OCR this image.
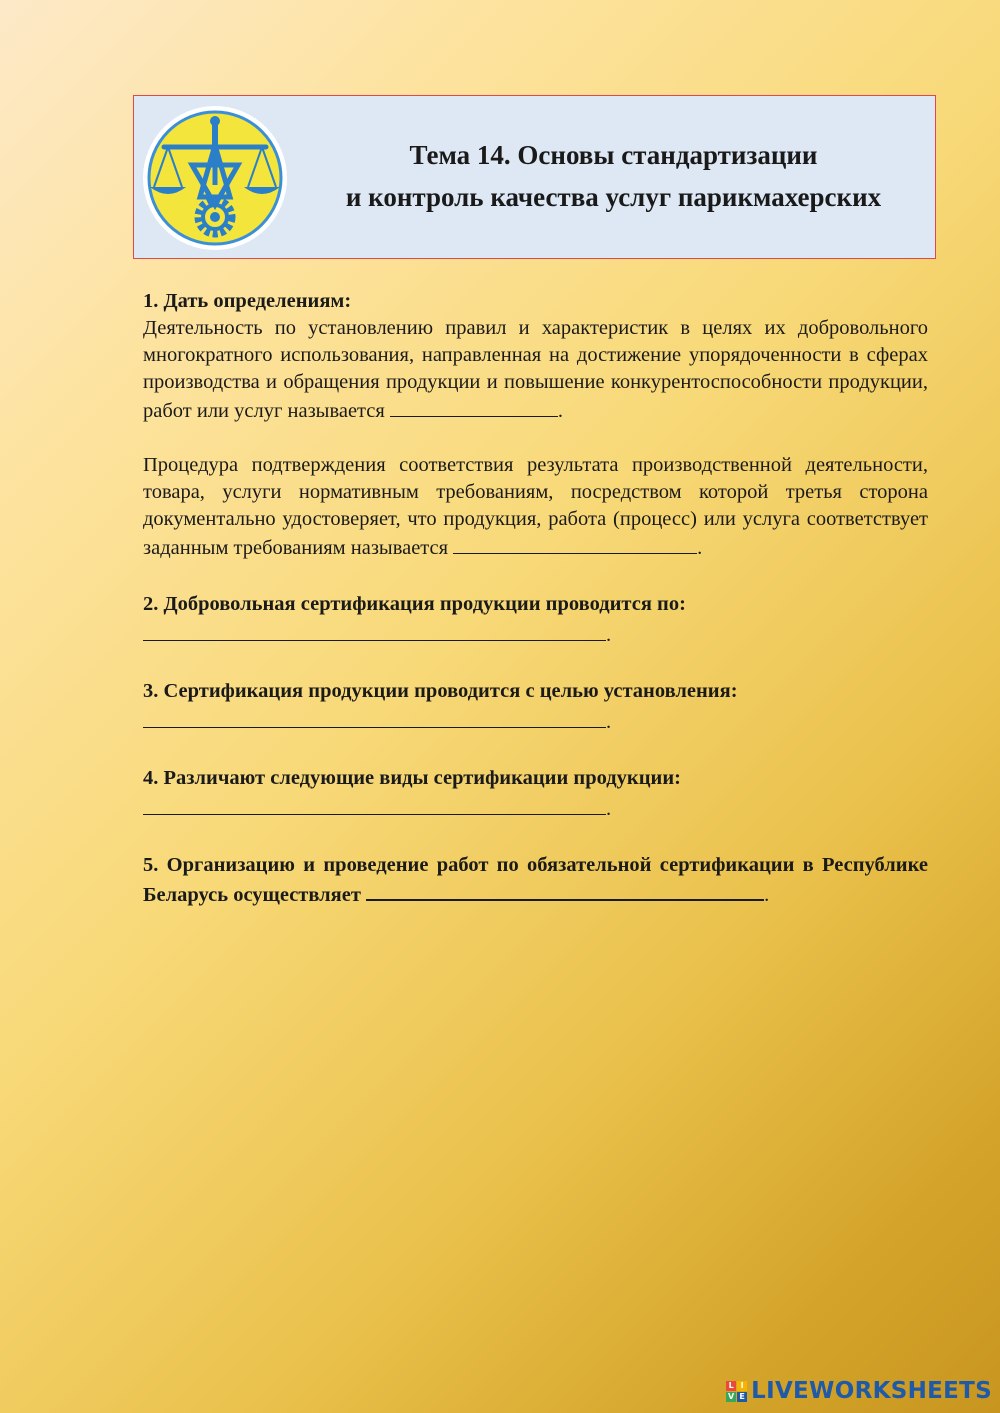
Тема 14. Основы стандартизации
и контроль качества услуг парикмахерских
1. Дать определениям:
Деятельность по установлению правил и характеристик в целях их добровольного многократного использования, направленная на достижение упорядоченности в сферах производства и обращения продукции и повышение конкурентоспособности продукции, работ или услуг называется	.
Процедура подтверждения соответствия результата производственной деятельности, товара, услуги нормативным требованиям, посредством которой третья сторона документально удостоверяет, что продукция, работа (процесс) или услуга соответствует заданным требованиям называется	.
2. Добровольная сертификация продукции проводится по:
.
3. Сертификация продукции проводится с целью установления:
.
4. Различают следующие виды сертификации продукции:
.
5. Организацию и проведение работ по обязательной сертификации в Республике Беларусь осуществляет	.
L I
V E LIVEWORKSHEETS
